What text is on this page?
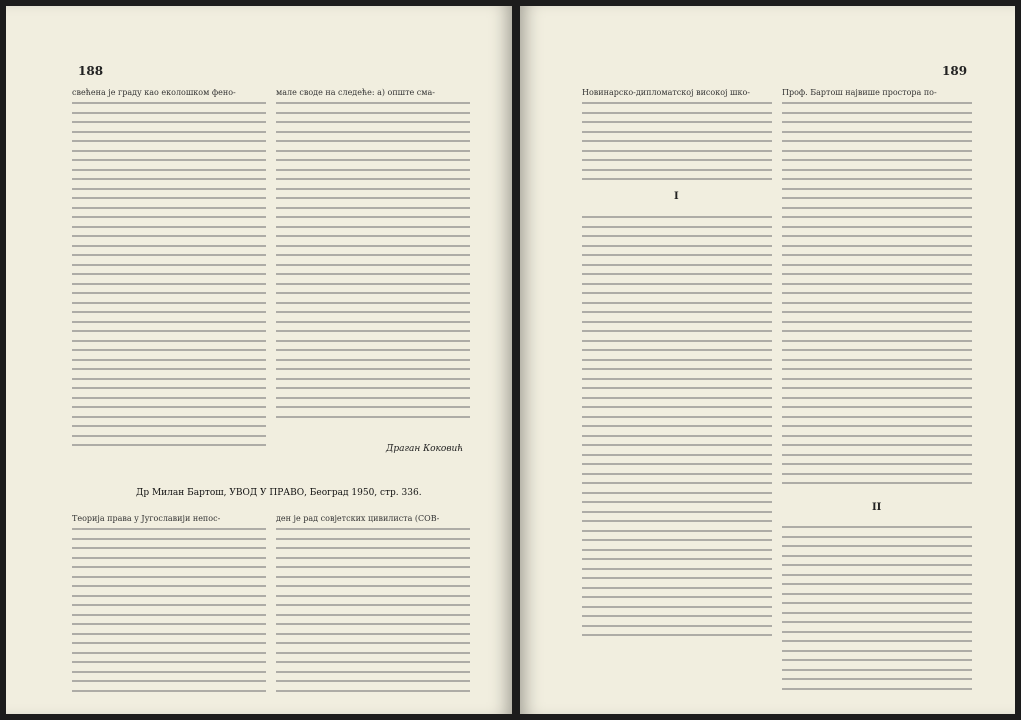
188
свећена је граду као еколошком фено-	мале своде на следеће: а) опште сма-
Драган Коковић
Др Милан Бартош, УВОД У ПРАВО, Београд 1950, стр. 336.
Теорија права у Југославији непос-	ден је рад совјетских цивилиста (СОВ-
189
Новинарско-дипломатској високој шко-
I
Проф. Бартош највише простора по-
II
